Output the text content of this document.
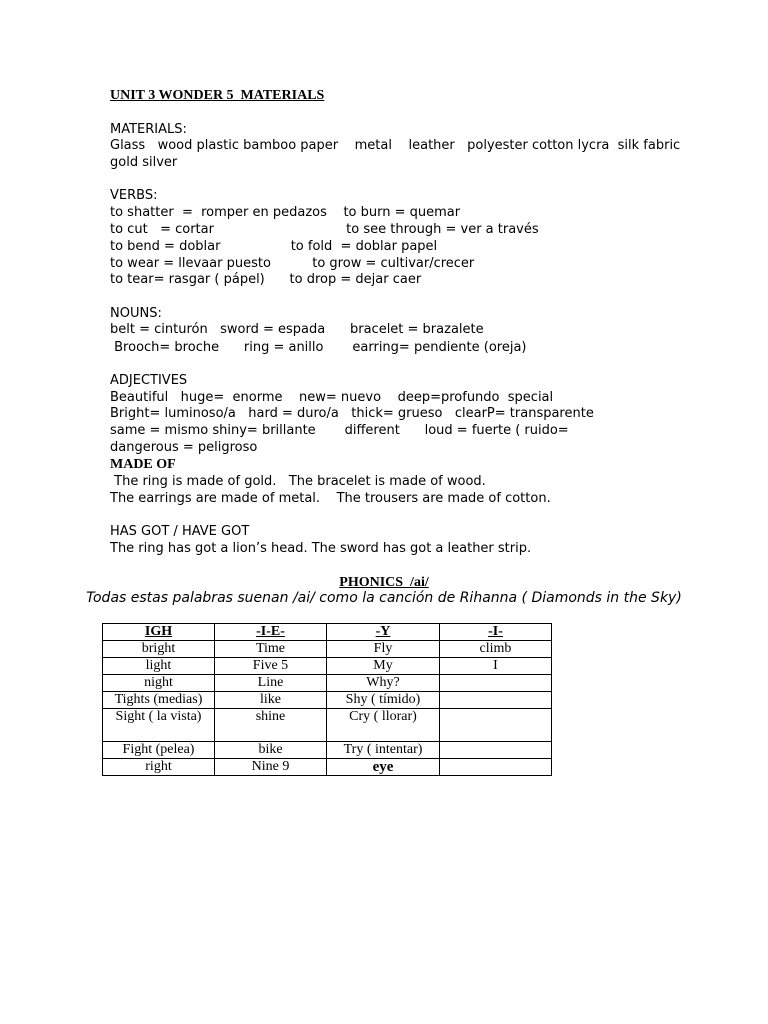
UNIT 3 WONDER 5  MATERIALS
MATERIALS:
Glass   wood plastic bamboo paper    metal    leather   polyester cotton lycra  silk fabric
gold silver
VERBS:
to shatter  =  romper en pedazos    to burn = quemar
to cut   = cortar                                to see through = ver a través
to bend = doblar                 to fold  = doblar papel
to wear = llevaar puesto          to grow = cultivar/crecer
to tear= rasgar ( pápel)      to drop = dejar caer
NOUNS:
belt = cinturón   sword = espada      bracelet = brazalete
Brooch= broche      ring = anillo       earring= pendiente (oreja)
ADJECTIVES
Beautiful   huge=  enorme    new= nuevo    deep=profundo  special
Bright= luminoso/a   hard = duro/a   thick= grueso   clearP= transparente
same = mismo shiny= brillante       different      loud = fuerte ( ruido=
dangerous = peligroso
MADE OF
The ring is made of gold.   The bracelet is made of wood.
The earrings are made of metal.    The trousers are made of cotton.
HAS GOT / HAVE GOT
The ring has got a lion’s head. The sword has got a leather strip.
PHONICS  /ai/
Todas estas palabras suenan /ai/ como la canción de Rihanna ( Diamonds in the Sky)
IGH	-I-E-	-Y	-I-
bright	Time	Fly	climb
light	Five 5	My	I
night	Line	Why?	
Tights (medias)	like	Shy ( tímido)	
Sight ( la vista)	shine	Cry ( llorar)	
Fight (pelea)	bike	Try ( intentar)	
right	Nine 9	eye	
